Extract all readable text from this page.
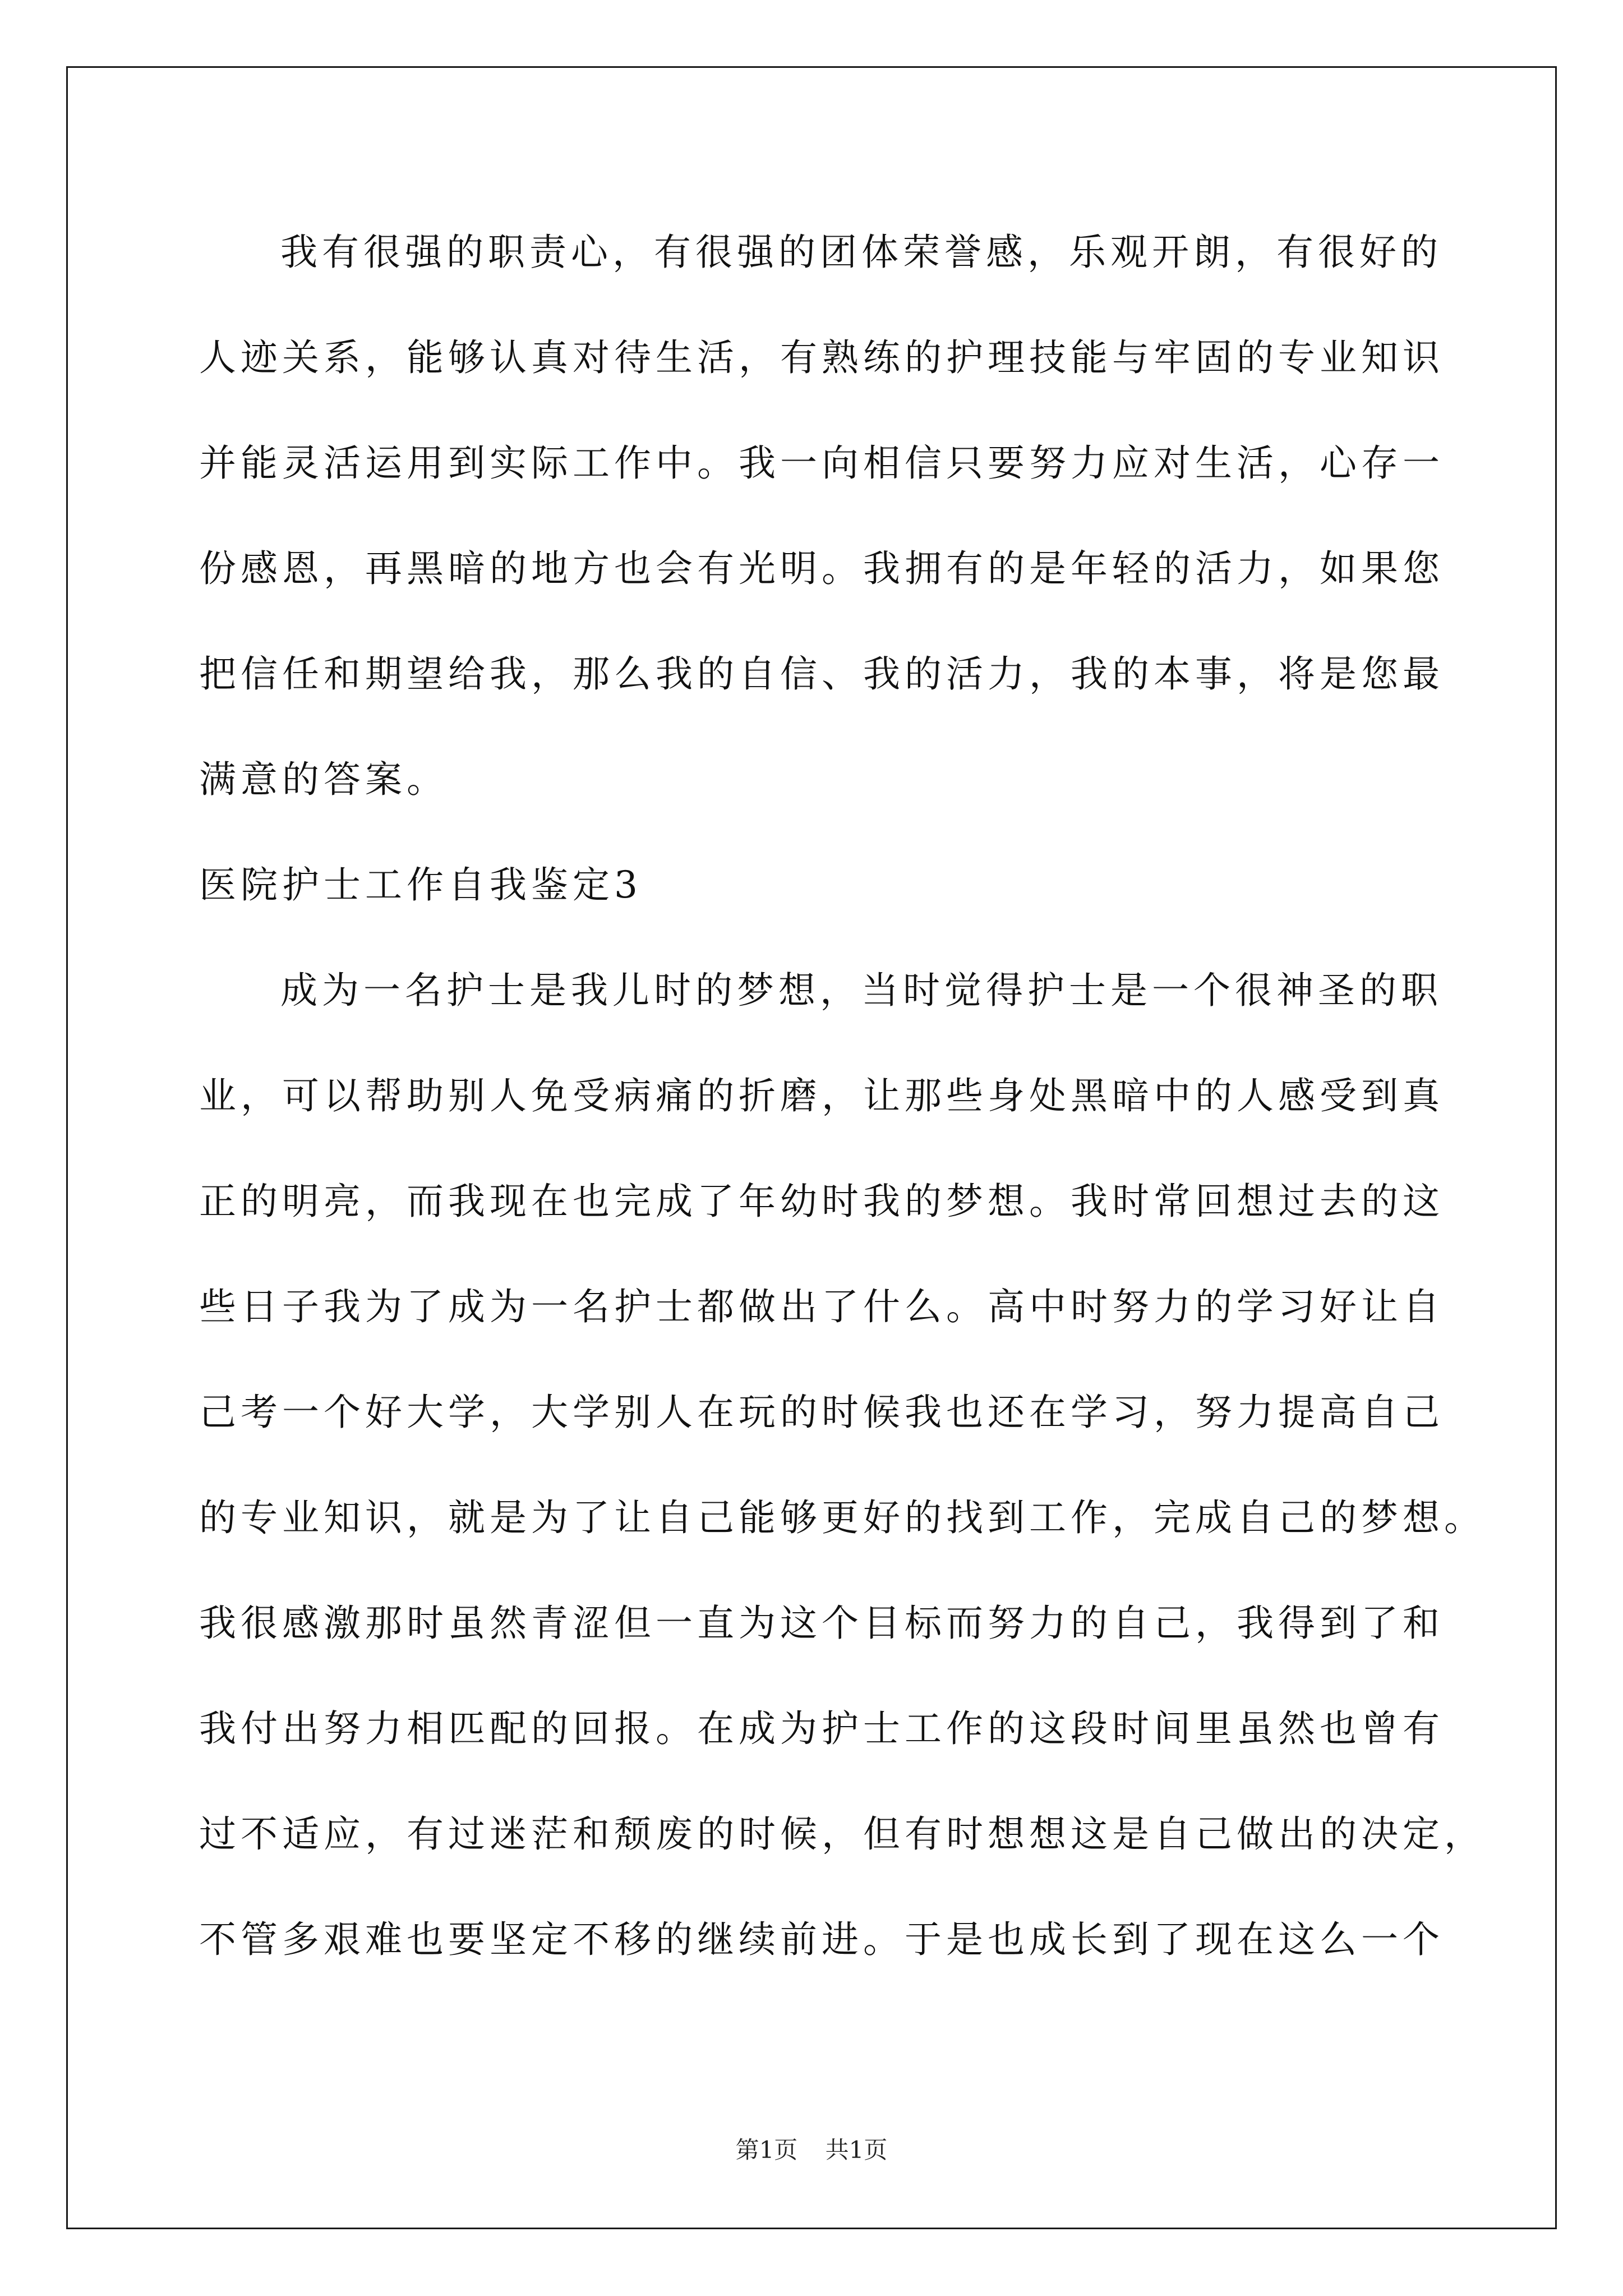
我有很强的职责心，有很强的团体荣誉感，乐观开朗，有很好的
人迹关系，能够认真对待生活，有熟练的护理技能与牢固的专业知识
并能灵活运用到实际工作中。我一向相信只要努力应对生活，心存一
份感恩，再黑暗的地方也会有光明。我拥有的是年轻的活力，如果您
把信任和期望给我，那么我的自信、我的活力，我的本事，将是您最
满意的答案。
医院护士工作自我鉴定3
成为一名护士是我儿时的梦想，当时觉得护士是一个很神圣的职
业，可以帮助别人免受病痛的折磨，让那些身处黑暗中的人感受到真
正的明亮，而我现在也完成了年幼时我的梦想。我时常回想过去的这
些日子我为了成为一名护士都做出了什么。高中时努力的学习好让自
己考一个好大学，大学别人在玩的时候我也还在学习，努力提高自己
的专业知识，就是为了让自己能够更好的找到工作，完成自己的梦想。
我很感激那时虽然青涩但一直为这个目标而努力的自己，我得到了和
我付出努力相匹配的回报。在成为护士工作的这段时间里虽然也曾有
过不适应，有过迷茫和颓废的时候，但有时想想这是自己做出的决定，
不管多艰难也要坚定不移的继续前进。于是也成长到了现在这么一个
第1页 共1页
